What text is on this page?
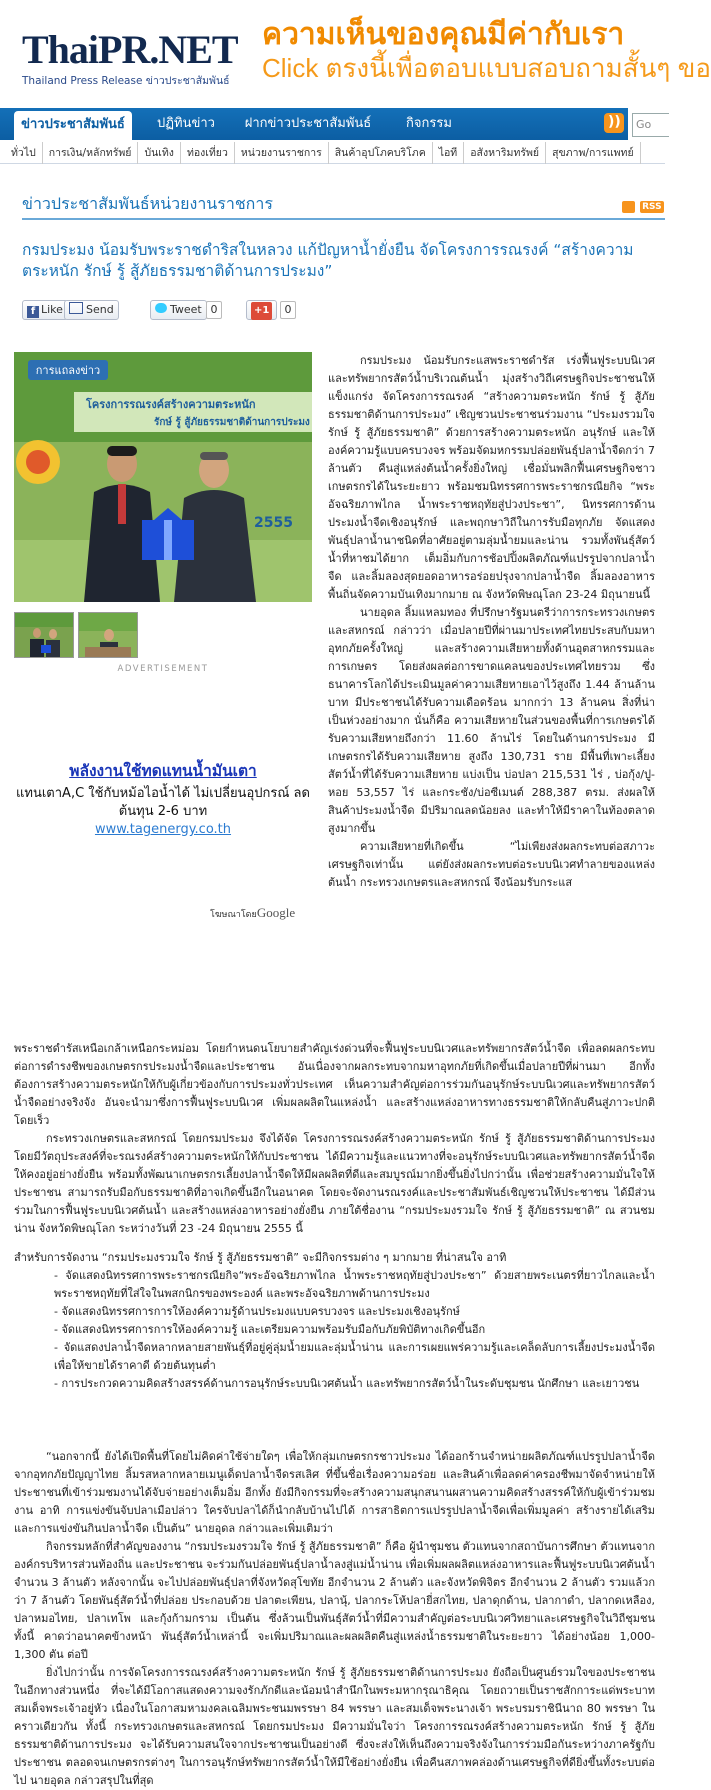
ThaiPR.NET
Thailand Press Release ข่าวประชาสัมพันธ์
ความเห็นของคุณมีค่ากับเรา
Click ตรงนี้เพื่อตอบแบบสอบถามสั้นๆ ขอ
ข่าวประชาสัมพันธ์	ปฏิทินข่าว	ฝากข่าวประชาสัมพันธ์	กิจกรรม	))	Go
ทั่วไป การเงิน/หลักทรัพย์ บันเทิง ท่องเที่ยว หน่วยงานราชการ สินค้าอุปโภคบริโภค ไอที อสังหาริมทรัพย์ สุขภาพ/การแพทย์
ข่าวประชาสัมพันธ์หน่วยงานราชการ	RSS
กรมประมง น้อมรับพระราชดำริสในหลวง แก้ปัญหาน้ำยั่งยืน จัดโครงการรณรงค์ “สร้างความตระหนัก รักษ์ รู้ สู้ภัยธรรมชาติด้านการประมง”
f Like	Send	Tweet 0	+1	0
การแถลงข่าว
โครงการรณรงค์สร้างความตระหนัก
รักษ์ รู้ สู้ภัยธรรมชาติด้านการประมง
2555
ADVERTISEMENT
พลังงานใช้ทดแทนน้ำมันเตา
แทนเตาA,C ใช้กับหม้อไอน้ำได้ ไม่เปลี่ยนอุปกรณ์ ลดต้นทุน 2-6 บาท
www.tagenergy.co.th
โฆษณาโดยGoogle

กรมประมง น้อมรับกระแสพระราชดำรัส เร่งฟื้นฟูระบบนิเวศและทรัพยากรสัตว์น้ำบริเวณต้นน้ำ มุ่งสร้างวิถีเศรษฐกิจประชาชนให้แข็งแกร่ง จัดโครงการรณรงค์ “สร้างความตระหนัก รักษ์ รู้ สู้ภัยธรรมชาติด้านการประมง” เชิญชวนประชาชนร่วมงาน “ประมงรวมใจ รักษ์ รู้ สู้ภัยธรรมชาติ” ด้วยการสร้างความตระหนัก อนุรักษ์ และให้องค์ความรู้แบบครบวงจร พร้อมจัดมหกรรมปล่อยพันธุ์ปลาน้ำจืดกว่า 7 ล้านตัว คืนสู่แหล่งต้นน้ำครั้งยิ่งใหญ่ เชื่อมั่นพลิกฟื้นเศรษฐกิจชาวเกษตรกรได้ในระยะยาว พร้อมชมนิทรรศการพระราชกรณียกิจ “พระอัจฉริยภาพไกล น้ำพระราชหฤทัยสู่ปวงประชา”, นิทรรศการด้านประมงน้ำจืดเชิงอนุรักษ์ และพฤกษาวิถีในการรับมือทุกภัย จัดแสดงพันธุ์ปลาน้ำนาชนิดที่อาศัยอยู่ตามลุ่มน้ำยมและน่าน รวมทั้งพันธุ์สัตว์น้ำที่หาชมได้ยาก เต็มอิ่มกับการช้อปปิ้งผลิตภัณฑ์แปรรูปจากปลาน้ำจืด และลิ้มลองสุดยอดอาหารอร่อยปรุงจากปลาน้ำจืด ลิ้มลองอาหารพื้นถิ่นจัดความบันเทิงมากมาย ณ จังหวัดพิษณุโลก 23-24 มิถุนายนนี้

นายอุดล ลิ้มแหลมทอง ที่ปรึกษารัฐมนตรีว่าการกระทรวงเกษตรและสหกรณ์ กล่าวว่า เมื่อปลายปีที่ผ่านมาประเทศไทยประสบกับมหาอุทกภัยครั้งใหญ่ และสร้างความเสียหายทั้งด้านอุตสาหกรรมและการเกษตร โดยส่งผลต่อการขาดแคลนของประเทศไทยรวม ซึ่งธนาคารโลกได้ประเมินมูลค่าความเสียหายเอาไว้สูงถึง 1.44 ล้านล้านบาท มีประชาชนได้รับความเดือดร้อน มากกว่า 13 ล้านคน สิ่งที่น่าเป็นห่วงอย่างมาก นั่นก็คือ ความเสียหายในส่วนของพื้นที่การเกษตรได้รับความเสียหายถึงกว่า 11.60 ล้านไร่ โดยในด้านการประมง มีเกษตรกรได้รับความเสียหาย สูงถึง 130,731 ราย มีพื้นที่เพาะเลี้ยงสัตว์น้ำที่ได้รับความเสียหาย แบ่งเป็น บ่อปลา 215,531 ไร่ , บ่อกุ้ง/ปู-หอย 53,557 ไร่ และกระชัง/บ่อซีเมนต์ 288,387 ตรม. ส่งผลให้สินค้าประมงน้ำจืด มีปริมาณลดน้อยลง และทำให้มีราคาในท้องตลาดสูงมากขึ้น

ความเสียหายที่เกิดขึ้น “ไม่เพียงส่งผลกระทบต่อสภาวะเศรษฐกิจเท่านั้น แต่ยังส่งผลกระทบต่อระบบนิเวศทำลายของแหล่งต้นน้ำ กระทรวงเกษตรและสหกรณ์ จึงน้อมรับกระแส

พระราชดำรัสเหนือเกล้าเหนือกระหม่อม โดยกำหนดนโยบายสำคัญเร่งด่วนที่จะฟื้นฟูระบบนิเวศและทรัพยากรสัตว์น้ำจืด เพื่อลดผลกระทบต่อการดำรงชีพของเกษตรกรประมงน้ำจืดและประชาชน อันเนื่องจากผลกระทบจากมหาอุทกภัยที่เกิดขึ้นเมื่อปลายปีที่ผ่านมา อีกทั้ง ต้องการสร้างความตระหนักให้กับผู้เกี่ยวข้องกับการประมงทั่วประเทศ เห็นความสำคัญต่อการร่วมกันอนุรักษ์ระบบนิเวศและทรัพยากรสัตว์น้ำจืดอย่างจริงจัง อันจะนำมาซึ่งการฟื้นฟูระบบนิเวศ เพิ่มผลผลิตในแหล่งน้ำ และสร้างแหล่งอาหารทางธรรมชาติให้กลับคืนสู่ภาวะปกติโดยเร็ว

กระทรวงเกษตรและสหกรณ์ โดยกรมประมง จึงได้จัด โครงการรณรงค์สร้างความตระหนัก รักษ์ รู้ สู้ภัยธรรมชาติด้านการประมง โดยมีวัตถุประสงค์ที่จะรณรงค์สร้างความตระหนักให้กับประชาชน ได้มีความรู้และแนวทางที่จะอนุรักษ์ระบบนิเวศและทรัพยากรสัตว์น้ำจืดให้คงอยู่อย่างยั่งยืน พร้อมทั้งพัฒนาเกษตรกรเลี้ยงปลาน้ำจืดให้มีผลผลิตที่ดีและสมบูรณ์มากยิ่งขึ้นยิ่งไปกว่านั้น เพื่อช่วยสร้างความมั่นใจให้ประชาชน สามารถรับมือกับธรรมชาติที่อาจเกิดขึ้นอีกในอนาคต โดยจะจัดงานรณรงค์และประชาสัมพันธ์เชิญชวนให้ประชาชน ได้มีส่วนร่วมในการฟื้นฟูระบบนิเวศต้นน้ำ และสร้างแหล่งอาหารอย่างยั่งยืน ภายใต้ชื่องาน “กรมประมงรวมใจ รักษ์ รู้ สู้ภัยธรรมชาติ” ณ สวนชมน่าน จังหวัดพิษณุโลก ระหว่างวันที่ 23 -24 มิถุนายน 2555 นี้

สำหรับการจัดงาน “กรมประมงรวมใจ รักษ์ รู้ สู้ภัยธรรมชาติ” จะมีกิจกรรมต่าง ๆ มากมาย ที่น่าสนใจ อาทิ

- จัดแสดงนิทรรศการพระราชกรณียกิจ“พระอัจฉริยภาพไกล น้ำพระราชหฤทัยสู่ปวงประชา” ด้วยสายพระเนตรที่ยาวไกลและน้ำพระราชหฤทัยที่ใส่ใจในพสกนิกรของพระองค์ และพระอัจฉริยภาพด้านการประมง

- จัดแสดงนิทรรศการการให้องค์ความรู้ด้านประมงแบบครบวงจร และประมงเชิงอนุรักษ์

- จัดแสดงนิทรรศการการให้องค์ความรู้ และเตรียมความพร้อมรับมือกับภัยพิบัติทางเกิดขึ้นอีก

- จัดแสดงปลาน้ำจืดหลากหลายสายพันธุ์ที่อยู่คู่ลุ่มน้ำยมและลุ่มน้ำน่าน และการเผยแพร่ความรู้และเคล็ดลับการเลี้ยงประมงน้ำจืดเพื่อให้ขายได้ราคาดี ด้วยต้นทุนต่ำ

- การประกวดความคิดสร้างสรรค์ด้านการอนุรักษ์ระบบนิเวศต้นน้ำ และทรัพยากรสัตว์น้ำในระดับชุมชน นักศึกษา และเยาวชน

“นอกจากนี้ ยังได้เปิดพื้นที่โดยไม่คิดค่าใช้จ่ายใดๆ เพื่อให้กลุ่มเกษตรกรชาวประมง ได้ออกร้านจำหน่ายผลิตภัณฑ์แปรรูปปลาน้ำจืดจากอุทกภัยปัญญาไทย ลิ้มรสหลากหลายเมนูเด็ดปลาน้ำจืดรสเลิศ ที่ขึ้นชื่อเรื่องความอร่อย และสินค้าเพื่อลดค่าครองชีพมาจัดจำหน่ายให้ประชาชนที่เข้าร่วมชมงานได้จับจ่ายอย่างเต็มอิ่ม อีกทั้ง ยังมีกิจกรรมที่จะสร้างความสนุกสนานผสานความคิดสร้างสรรค์ให้กับผู้เข้าร่วมชมงาน อาทิ การแข่งขันจับปลาเมือปล่าว ใครจับปลาได้ก็นำกลับบ้านไปได้ การสาธิตการแปรรูปปลาน้ำจืดเพื่อเพิ่มมูลค่า สร้างรายได้เสริม และการแข่งขันกินปลาน้ำจืด เป็นต้น” นายอุดล กล่าวและเพิ่มเติมว่า

กิจกรรมหลักที่สำคัญของงาน “กรมประมงรวมใจ รักษ์ รู้ สู้ภัยธรรมชาติ” ก็คือ ผู้นำชุมชน ตัวแทนจากสถาบันการศึกษา ตัวแทนจากองค์กรบริหารส่วนท้องถิ่น และประชาชน จะร่วมกันปล่อยพันธุ์ปลาน้ำลงสู่แม่น้ำน่าน เพื่อเพิ่มผลผลิตแหล่งอาหารและฟื้นฟูระบบนิเวศต้นน้ำ จำนวน 3 ล้านตัว หลังจากนั้น จะไปปล่อยพันธุ์ปลาที่จังหวัดสุโขทัย อีกจำนวน 2 ล้านตัว และจังหวัดพิจิตร อีกจำนวน 2 ล้านตัว รวมแล้วกว่า 7 ล้านตัว โดยพันธุ์สัตว์น้ำที่ปล่อย ประกอบด้วย ปลาตะเพียน, ปลานุ้, ปลากระโห้ปลายี่สกไทย, ปลาดุกด้าน, ปลากาดำ, ปลากดเหลือง, ปลาหมอไทย, ปลาเทโพ และกุ้งก้ามกราม เป็นต้น ซึ่งล้วนเป็นพันธุ์สัตว์น้ำที่มีความสำคัญต่อระบบนิเวศวิทยาและเศรษฐกิจในวิถีชุมชน ทั้งนี้ คาดว่าอนาคตข้างหน้า พันธุ์สัตว์น้ำเหล่านี้ จะเพิ่มปริมาณและผลผลิตคืนสู่แหล่งน้ำธรรมชาติในระยะยาว ได้อย่างน้อย 1,000-1,300 ตัน ต่อปี

ยิ่งไปกว่านั้น การจัดโครงการรณรงค์สร้างความตระหนัก รักษ์ รู้ สู้ภัยธรรมชาติด้านการประมง ยังถือเป็นศูนย์รวมใจของประชาชนในอีกทางส่วนหนึ่ง ที่จะได้มีโอกาสแสดงความจงรักภักดีและน้อมนำสำนึกในพระมหากรุณาธิคุณ โดยถวายเป็นราชสักการะแด่พระบาทสมเด็จพระเจ้าอยู่หัว เนื่องในโอกาสมหามงคลเฉลิมพระชนมพรรษา 84 พรรษา และสมเด็จพระนางเจ้า พระบรมราชินีนาถ 80 พรรษา ในคราวเดียวกัน ทั้งนี้ กระทรวงเกษตรและสหกรณ์ โดยกรมประมง มีความมั่นใจว่า โครงการรณรงค์สร้างความตระหนัก รักษ์ รู้ สู้ภัยธรรมชาติด้านการประมง จะได้รับความสนใจจากประชาชนเป็นอย่างดี ซึ่งจะส่งให้เห็นถึงความจริงจังในการร่วมมือกันระหว่างภาครัฐกับประชาชน ตลอดจนเกษตรกรต่างๆ ในการอนุรักษ์ทรัพยากรสัตว์น้ำให้มีใช้อย่างยั่งยืน เพื่อคืนสภาพคล่องด้านเศรษฐกิจที่ดียิ่งขึ้นทั้งระบบต่อไป นายอุดล กล่าวสรุปในที่สุด
